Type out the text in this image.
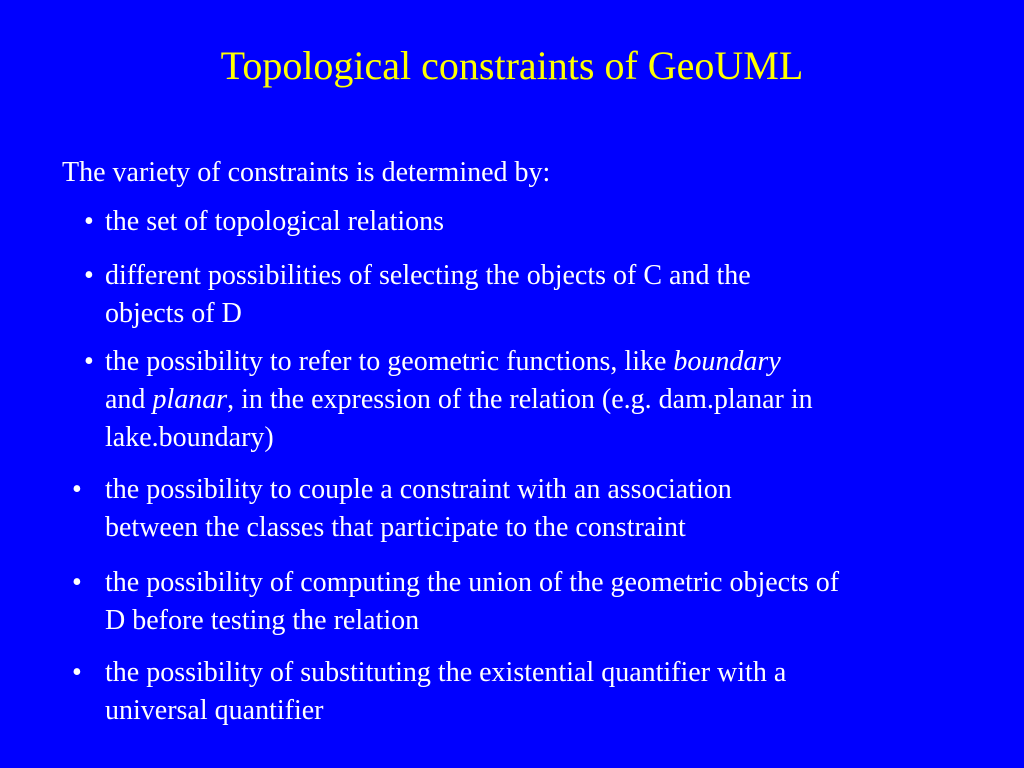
Topological constraints of GeoUML
The variety of constraints is determined by:
• the set of topological relations
• different possibilities of selecting the objects of C and the
objects of D
• the possibility to refer to geometric functions, like boundary
and planar, in the expression of the relation (e.g. dam.planar in
lake.boundary)
• the possibility to couple a constraint with an association
between the classes that participate to the constraint
• the possibility of computing the union of the geometric objects of
D before testing the relation
• the possibility of substituting the existential quantifier with a
universal quantifier
